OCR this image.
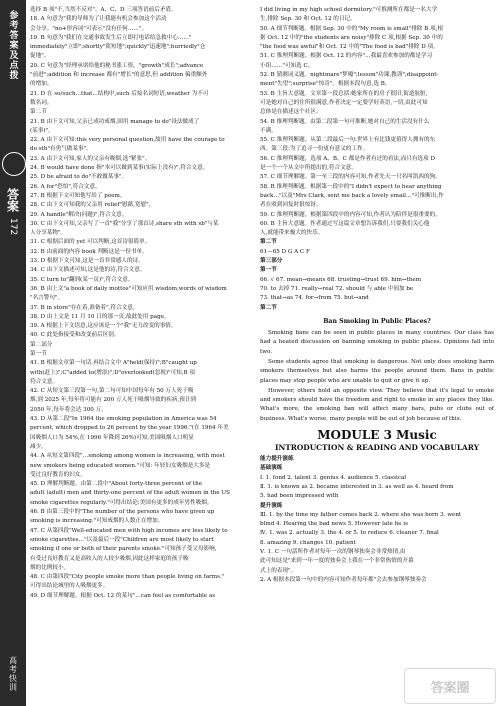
参考答案及点拨
答案
172
高考快训
选择 B 项"不,当然不反对"。A、C、D 三项答语前后矛盾。
18. A 句意为"我的导师为了让我能有机会参加这个活动
会分享。"no+形容词"可表示"没有任何……"。
19. B 句意为"我们在交通事故发生后立即打电话给急救中心……"
immediately"立即";shortly"简短地";quickly"迅速地";hurriedly"仓
促地"。
20. C 句意为"经理承诺给他的秘书涨工资。"growth"成长";advance
"前进";addition 和 increase 都有"增长"的意思,但 addition 偏重额外
的增加。
21. D 在 so/such...that...结构中,such 后接名词短语,weather 为不可
数名词。
第二节
21. B 由下文可知,父亲已成功戒烟,固用 manage to do"设法做成了
(某事)"。
22. A 由下文可知:this very personal question,故用 have the courage to
do sth"有勇气做某事"。
23. A 由下文可知,家人的父亲有吸烟,选"紧张"。
24. B would have done 指"本可以做到某事(实际上没有)",符合文意。
25. D be afraid to do"不敢做某事"。
26. A for"恐怕",符合文意。
27. B 根据下文可知他写给了 poem。
28. C 由下文可知我的父亲用 relief"慰藉,宽慰"。
29. A handle"解决(问题)",符合文意。
30. C 由下文可知,父亲写了一首"我"分享了那首诗,share sth with sb"与某
人分享某物"。
31. C 根据后面的 yet 可以判断,这首诗很简单。
32. B 由前面的内容 book 判断这是一份书单。
33. D 根据下文可知,这是一首非常感人的诗。
34. C 由下文描述可知,这是他的诗,符合文意。
35. C turn to"翻到(某一页)",符合文意。
36. B 由上文"a book of daily mottos"可知应用 wisdom,words of wisdom
"名言警句"。
37. B in store"存在着,准备着",符合文意。
38. D 由上文是 11 月 10 日的那一页,故此处用 page。
39. A 根据上下文语意,这应该是一个"我"无力改变的事情。
40. C 此处指接受和改变前后区别。
第二部分
第一节
41. B 根据文章第一句话,再结合文中 A"held(保持)";B"caught up
with(赶上)";C"added to(增添)";D"overlooked(忽视)"可知,B 项
符合文意。
42. C 从短文第三段第一句,第二句可知中国每年有 50 万人死于吸
烟,到 2025 年,每年将可能有 200 万人死于吸烟导致的疾病,预计到
2050 年,每年将会达 300 万。
43. D 从第二段"In 1964 the smoking population in America was 54
percent, which dropped to 26 percent by the year 1996."(在 1964 年美
国吸烟人口为 54%,在 1996 年降到 26%)可知,美国吸烟人口明显
减少。
44. A 从短文第四段"…smoking among women is increasing, with most
new smokers being educated women."可知: 年轻妇女吸烟是大多是
受过良好教育的妇女。
45. D 理解判断题。由第二段中"About forty-three percent of the
adult (adult) men and thirty-one percent of the adult women in the US
smoke cigarettes regularly."可得出结论:美国有更多的成年男性吸烟。
46. B 由第三段中的"The number of the persons who have given up
smoking is increasing."可知戒烟的人数正在增加。
47. C 从第四段"Well-educated men with high incomes are less likely to
smoke cigarettes…"以及最后一段"Children are most likely to start
smoking if one or both of their parents smoke."可知孩子受父母影响,
有受过良好教育又是高收入的人较少吸烟,因此这样家庭的孩子吸
烟的比例较小。
48. C 由第四段"City people smoke more than people living on farms."
可得出结论城里的人吸烟更多。
49. D 细节理解题。根据 Oct. 12 的某句"…can feel as comfortable as
I did living in my high school dormitory."可推测所在都是一名大学
生,排除 Sep. 30 和 Oct. 12 的日记。
50. A 细节判断题。根据 Sep. 30 中的"My room is small"排除 B 项,根
据 Oct. 12 中的"the students are noisy"排除 C 项,根据 Sep. 30 中的
"the food was awful"和 Oct. 12 中的"The food is bad"排除 D 项。
51. C 推理判断题。根据 Oct. 12 的内容"…我最喜欢参加的都是学习
小组……"可知选 C。
52. B 猜测词义题。nightmare"梦魇";lesson"功课,教训";disappoint-
ment"失望";surprise"惊奇"。根据本段句意,选 B。
53. B 主旨大意题。文章第一段总括:她家所在的房子很旧,街道肮脏,
可是她对自己的住所很满意,作者决定一定要学好英语,一切,由此可知
总体是在描述这个社区。
54. B 推理判断题。由第二段第一句可推断,她对自己的生活没有什么
不满。
55. C 推理判断题。从第二段最后一句:世界上有比钱更值得人拥有的东
西。第三段:为了追寻一份更有意义的工作。
56. C 推理判断题。选项 A、B、C 都是作者有过的看法,而只有选项 D
是一个一个从文中所提出的,符合文意。
57. C 细节理解题。第一至三段的内容可知,作者先天一只名叫凯西的狗。
58. B 推理判断题。根据第一段中的"I didn't expect to hear anything
back…"以及"Mrs Clark, sent me back a lovely email…"可推断出,作
者在收到回复时很惊讶。
59. C 推理判断题。根据第四段中的内容可知,作者认为陪伴是很重要的。
60. B 主旨大意题。作者通过写这篇文章想告诉我们,只要我们关心他
人,就能带来极大的快乐。
第二节
61—65 D G A C F
第三部分
第一节
66. √ 67. mean→means 68. trusting→trust 69. him→them
70. to 去掉 71. really→real 72. should 与 able 中间加 be
73. that→as 74. for→from 75. but→and
第二节
Ban Smoking in Public Places?
Smoking bans can be seen in public places in many countries. Our class has had a heated discussion on banning smoking in public places. Opinions fall into two.
Some students agree that smoking is dangerous. Not only does smoking harm smokers themselves but also harms the people around them. Bans in public places may stop people who are unable to quit or give it up.
However, others hold an opposite view. They believe that it's legal to smoke and smokers should have the freedom and right to smoke in any places they like. What's more, the smoking ban will affect many bars, pubs or clubs out of business. What's worse, many people will be out of job because of this.
MODULE 3 Music
INTRODUCTION & READING AND VOCABULARY
能力提升演练
基础演练
Ⅰ. 1. fond 2. talent 3. genius 4. audience 5. classical
Ⅱ. 1. is known as 2. became interested in 3. as well as 4. heard from
5. had been impressed with
提升演练
Ⅲ. 1. by the time my father comes back 2. where she was born 3. went
blind 4. Hearing the bad news 5. However late he is
Ⅳ. 1. was 2. actually 3. the 4. or 5. to reduce 6. cleaner 7. final
8. amazing 9. changes 10. patient
Ⅴ. 1. C 一句話所作者对每年一次的钢琴独奏会非常热情,由
此可知这是"来到一年一度的独奏会上我在一个非常热情的开幕
式上的表现"。
2. A 根据本段第一句中的内容可知作者每年都"会去参加钢琴独奏会
答案圈
